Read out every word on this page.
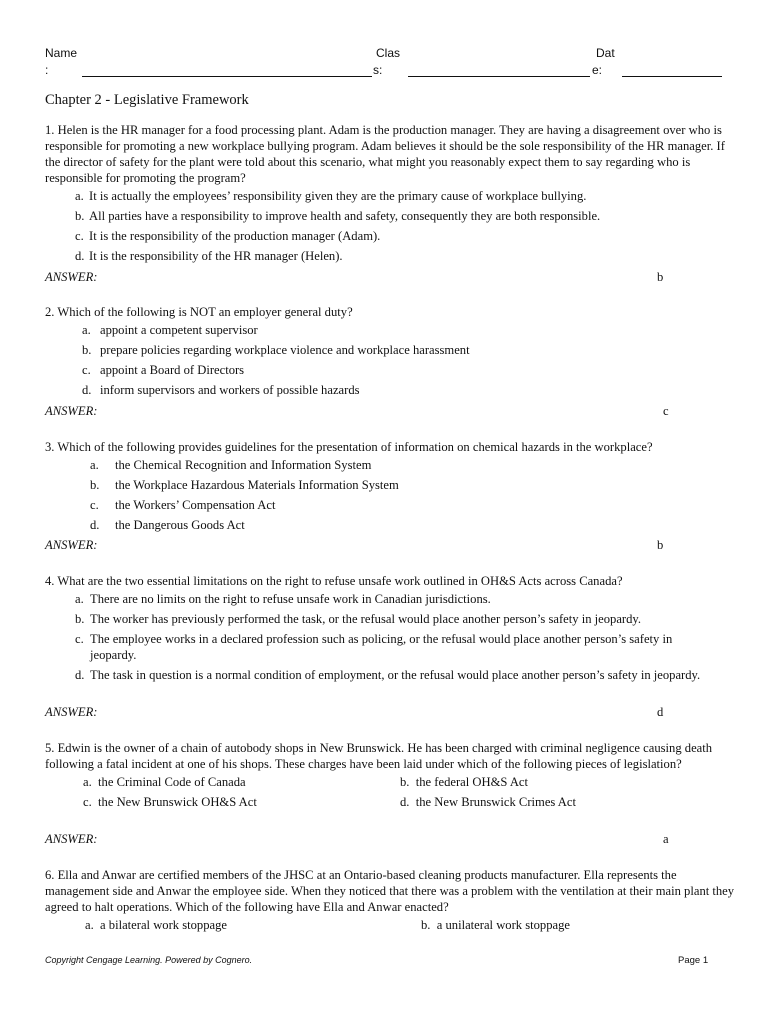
Name
:
Clas
s:
Dat
e:
Chapter 2 - Legislative Framework

1. Helen is the HR manager for a food processing plant. Adam is the production manager. They are having a disagreement over who is responsible for promoting a new workplace bullying program. Adam believes it should be the sole responsibility of the HR manager. If the director of safety for the plant were told about this scenario, what might you reasonably expect them to say regarding who is responsible for promoting the program?

a. It is actually the employees’ responsibility given they are the primary cause of workplace bullying.
b. All parties have a responsibility to improve health and safety, consequently they are both responsible.
c. It is the responsibility of the production manager (Adam).
d. It is the responsibility of the HR manager (Helen).
ANSWER:	b

2. Which of the following is NOT an employer general duty?

a. appoint a competent supervisor
b. prepare policies regarding workplace violence and workplace harassment
c. appoint a Board of Directors
d. inform supervisors and workers of possible hazards
ANSWER:	c

3. Which of the following provides guidelines for the presentation of information on chemical hazards in the workplace?

a. the Chemical Recognition and Information System
b. the Workplace Hazardous Materials Information System
c. the Workers’ Compensation Act
d. the Dangerous Goods Act
ANSWER:	b

4. What are the two essential limitations on the right to refuse unsafe work outlined in OH&S Acts across Canada?

a. There are no limits on the right to refuse unsafe work in Canadian jurisdictions.
b. The worker has previously performed the task, or the refusal would place another person’s safety in jeopardy.
c. The employee works in a declared profession such as policing, or the refusal would place another person’s safety in jeopardy.
d. The task in question is a normal condition of employment, or the refusal would place another person’s safety in jeopardy.
ANSWER:	d

5. Edwin is the owner of a chain of autobody shops in New Brunswick. He has been charged with criminal negligence causing death following a fatal incident at one of his shops. These charges have been laid under which of the following pieces of legislation?

a. the Criminal Code of Canada	b. the federal OH&S Act
c. the New Brunswick OH&S Act	d. the New Brunswick Crimes Act
ANSWER:	a

6. Ella and Anwar are certified members of the JHSC at an Ontario-based cleaning products manufacturer. Ella represents the management side and Anwar the employee side. When they noticed that there was a problem with the ventilation at their main plant they agreed to halt operations. Which of the following have Ella and Anwar enacted?

a. a bilateral work stoppage	b. a unilateral work stoppage
Copyright Cengage Learning. Powered by Cognero.	Page 1
